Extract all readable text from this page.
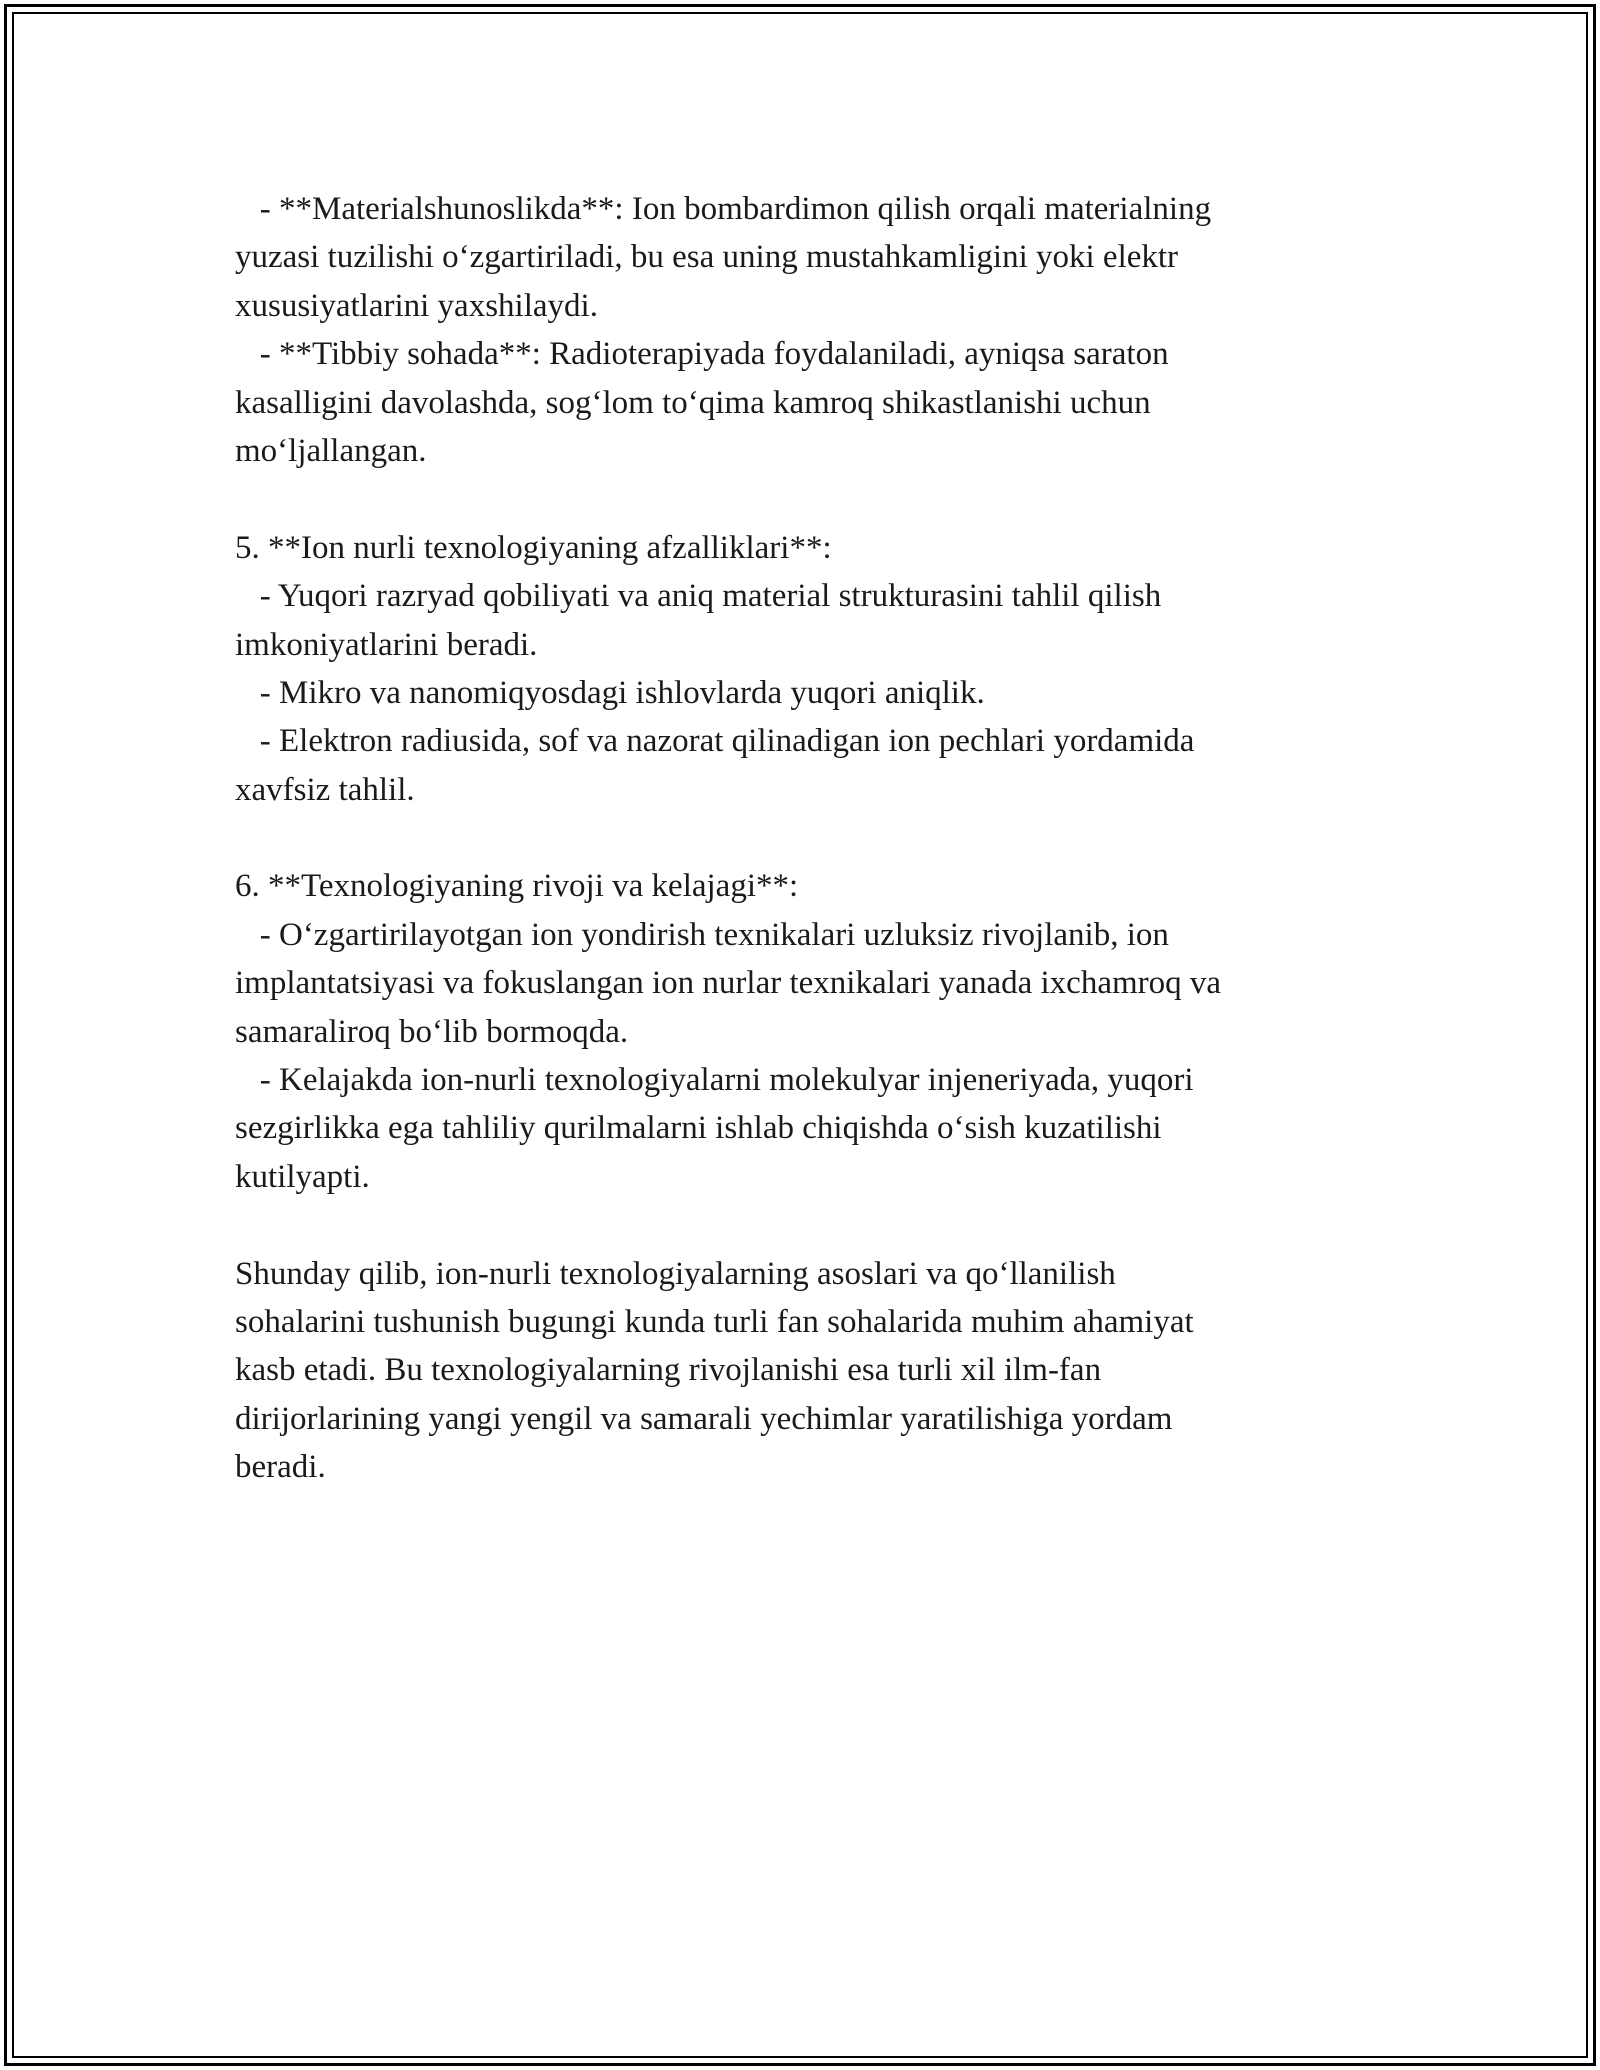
- **Materialshunoslikda**: Ion bombardimon qilish orqali materialning
yuzasi tuzilishi o‘zgartiriladi, bu esa uning mustahkamligini yoki elektr
xususiyatlarini yaxshilaydi.
- **Tibbiy sohada**: Radioterapiyada foydalaniladi, ayniqsa saraton
kasalligini davolashda, sog‘lom to‘qima kamroq shikastlanishi uchun
mo‘ljallangan.
5. **Ion nurli texnologiyaning afzalliklari**:
- Yuqori razryad qobiliyati va aniq material strukturasini tahlil qilish
imkoniyatlarini beradi.
- Mikro va nanomiqyosdagi ishlovlarda yuqori aniqlik.
- Elektron radiusida, sof va nazorat qilinadigan ion pechlari yordamida
xavfsiz tahlil.
6. **Texnologiyaning rivoji va kelajagi**:
- O‘zgartirilayotgan ion yondirish texnikalari uzluksiz rivojlanib, ion
implantatsiyasi va fokuslangan ion nurlar texnikalari yanada ixchamroq va
samaraliroq bo‘lib bormoqda.
- Kelajakda ion-nurli texnologiyalarni molekulyar injeneriyada, yuqori
sezgirlikka ega tahliliy qurilmalarni ishlab chiqishda o‘sish kuzatilishi
kutilyapti.
Shunday qilib, ion-nurli texnologiyalarning asoslari va qo‘llanilish
sohalarini tushunish bugungi kunda turli fan sohalarida muhim ahamiyat
kasb etadi. Bu texnologiyalarning rivojlanishi esa turli xil ilm-fan
dirijorlarining yangi yengil va samarali yechimlar yaratilishiga yordam
beradi.
